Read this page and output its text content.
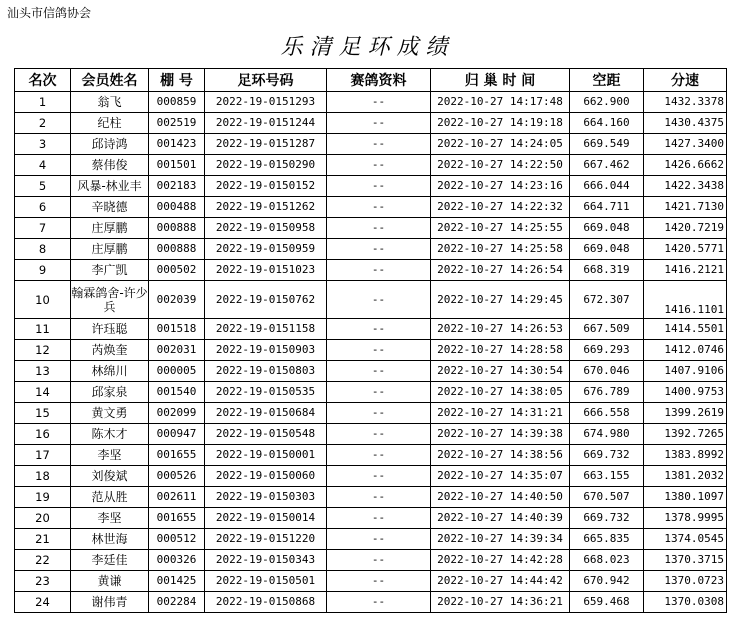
汕头市信鸽协会
乐清足环成绩
名次	会员姓名	棚 号	足环号码	赛鸽资料	归 巢 时 间	空距	分速
1	翁飞	000859	2022-19-0151293	--	2022-10-27 14:17:48	662.900	1432.3378
2	纪柱	002519	2022-19-0151244	--	2022-10-27 14:19:18	664.160	1430.4375
3	邱诗鸿	001423	2022-19-0151287	--	2022-10-27 14:24:05	669.549	1427.3400
4	蔡伟俊	001501	2022-19-0150290	--	2022-10-27 14:22:50	667.462	1426.6662
5	风暴-林业丰	002183	2022-19-0150152	--	2022-10-27 14:23:16	666.044	1422.3438
6	辛晓德	000488	2022-19-0151262	--	2022-10-27 14:22:32	664.711	1421.7130
7	庄厚鹏	000888	2022-19-0150958	--	2022-10-27 14:25:55	669.048	1420.7219
8	庄厚鹏	000888	2022-19-0150959	--	2022-10-27 14:25:58	669.048	1420.5771
9	李广凯	000502	2022-19-0151023	--	2022-10-27 14:26:54	668.319	1416.2121
10	翰霖鸽舍-许少兵	002039	2022-19-0150762	--	2022-10-27 14:29:45	672.307	1416.1101
11	许珏聪	001518	2022-19-0151158	--	2022-10-27 14:26:53	667.509	1414.5501
12	芮焕奎	002031	2022-19-0150903	--	2022-10-27 14:28:58	669.293	1412.0746
13	林绵川	000005	2022-19-0150803	--	2022-10-27 14:30:54	670.046	1407.9106
14	邱家泉	001540	2022-19-0150535	--	2022-10-27 14:38:05	676.789	1400.9753
15	黄文勇	002099	2022-19-0150684	--	2022-10-27 14:31:21	666.558	1399.2619
16	陈木才	000947	2022-19-0150548	--	2022-10-27 14:39:38	674.980	1392.7265
17	李坚	001655	2022-19-0150001	--	2022-10-27 14:38:56	669.732	1383.8992
18	刘俊斌	000526	2022-19-0150060	--	2022-10-27 14:35:07	663.155	1381.2032
19	范从胜	002611	2022-19-0150303	--	2022-10-27 14:40:50	670.507	1380.1097
20	李坚	001655	2022-19-0150014	--	2022-10-27 14:40:39	669.732	1378.9995
21	林世海	000512	2022-19-0151220	--	2022-10-27 14:39:34	665.835	1374.0545
22	李廷佳	000326	2022-19-0150343	--	2022-10-27 14:42:28	668.023	1370.3715
23	黄谦	001425	2022-19-0150501	--	2022-10-27 14:44:42	670.942	1370.0723
24	谢伟青	002284	2022-19-0150868	--	2022-10-27 14:36:21	659.468	1370.0308
